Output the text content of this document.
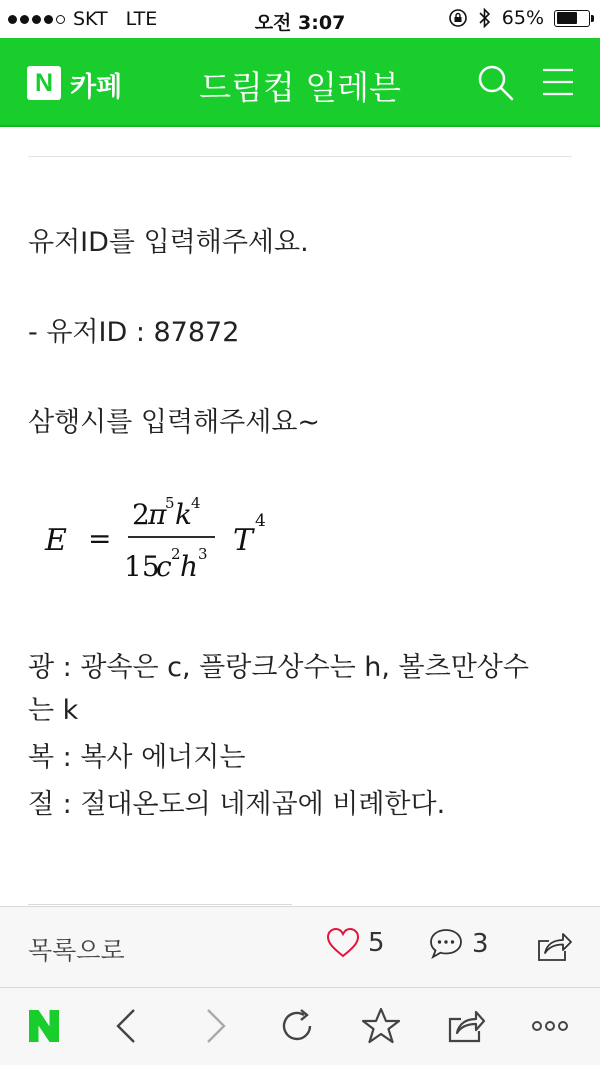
SKT LTE	오전 3:07	65%
N 카페	드림컵 일레븐
유저ID를 입력해주세요.
- 유저ID : 87872
삼행시를 입력해주세요~
E =
2
π
5 k 4
15
c 2 h 3 T
4
광 : 광속은 c, 플랑크상수는 h, 볼츠만상수
는 k
복 : 복사 에너지는
절 : 절대온도의 네제곱에 비례한다.
목록으로	5	3
